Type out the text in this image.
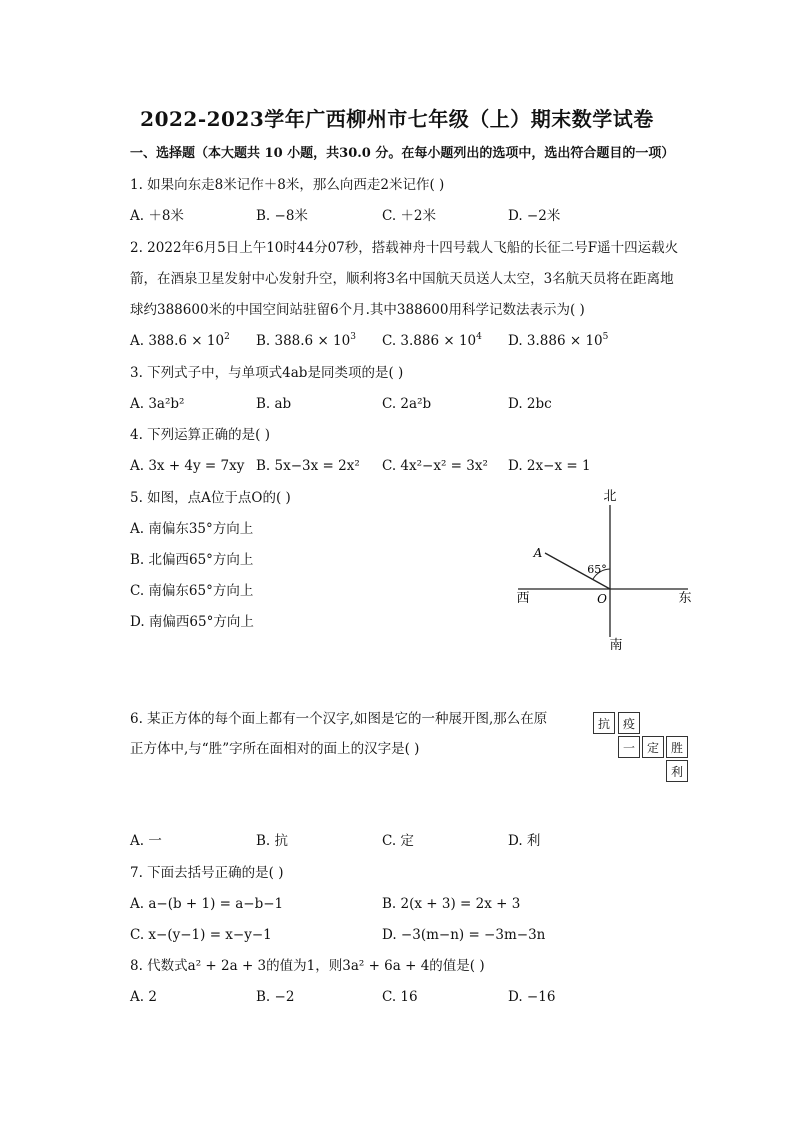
2022-2023学年广西柳州市七年级（上）期末数学试卷
一、选择题（本大题共 10 小题，共30.0 分。在每小题列出的选项中，选出符合题目的一项）
1. 如果向东走8米记作＋8米，那么向西走2米记作( )
A. ＋8米	B. −8米	C. ＋2米	D. −2米
2. 2022年6月5日上午10时44分07秒，搭载神舟十四号载人飞船的长征二号F遥十四运载火
箭，在酒泉卫星发射中心发射升空，顺利将3名中国航天员送人太空，3名航天员将在距离地
球约388600米的中国空间站驻留6个月.其中388600用科学记数法表示为( )
A. $388.6 \times 10^2$ B. $388.6 \times 10^3$ C. $3.886 \times 10^4$ D. $3.886 \times 10^5$
3. 下列式子中，与单项式4ab是同类项的是( )
A. 3a²b²	B. ab	C. 2a²b	D. 2bc
4. 下列运算正确的是( )
A. 3x + 4y = 7xy B. 5x−3x = 2x² C. 4x²−x² = 3x² D. 2x−x = 1
5. 如图，点A位于点O的( )
A. 南偏东35°方向上
B. 北偏西65°方向上
C. 南偏东65°方向上
D. 南偏西65°方向上
北
南
东
西
A
O
65°
6. 某正方体的每个面上都有一个汉字,如图是它的一种展开图,那么在原
正方体中,与“胜”字所在面相对的面上的汉字是( )
抗	疫
一 定 胜
利
A. 一	B. 抗	C. 定	D. 利
7. 下面去括号正确的是( )
A. a−(b + 1) = a−b−1	B. 2(x + 3) = 2x + 3
C. x−(y−1) = x−y−1	D. −3(m−n) = −3m−3n
8. 代数式a² + 2a + 3的值为1，则3a² + 6a + 4的值是( )
A. 2	B. −2	C. 16	D. −16
